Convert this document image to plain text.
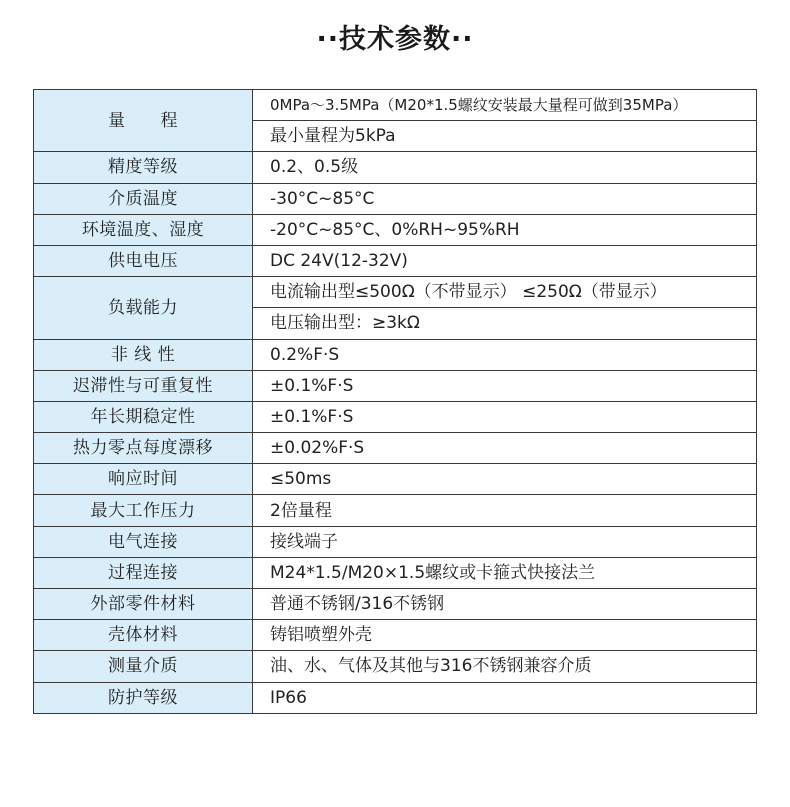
··技术参数··
量　　程	0MPa～3.5MPa（M20*1.5螺纹安装最大量程可做到35MPa）
	最小量程为5kPa
精度等级	0.2、0.5级
介质温度	-30°C~85°C
环境温度、湿度	-20°C~85°C、0%RH~95%RH
供电电压	DC 24V(12-32V)
负载能力	电流输出型≤500Ω（不带显示） ≤250Ω（带显示）
	电压输出型：≥3kΩ
非 线 性	0.2%F·S
迟滞性与可重复性	±0.1%F·S
年长期稳定性	±0.1%F·S
热力零点每度漂移	±0.02%F·S
响应时间	≤50ms
最大工作压力	2倍量程
电气连接	接线端子
过程连接	M24*1.5/M20×1.5螺纹或卡箍式快接法兰
外部零件材料	普通不锈钢/316不锈钢
壳体材料	铸铝喷塑外壳
测量介质	油、水、气体及其他与316不锈钢兼容介质
防护等级	IP66
